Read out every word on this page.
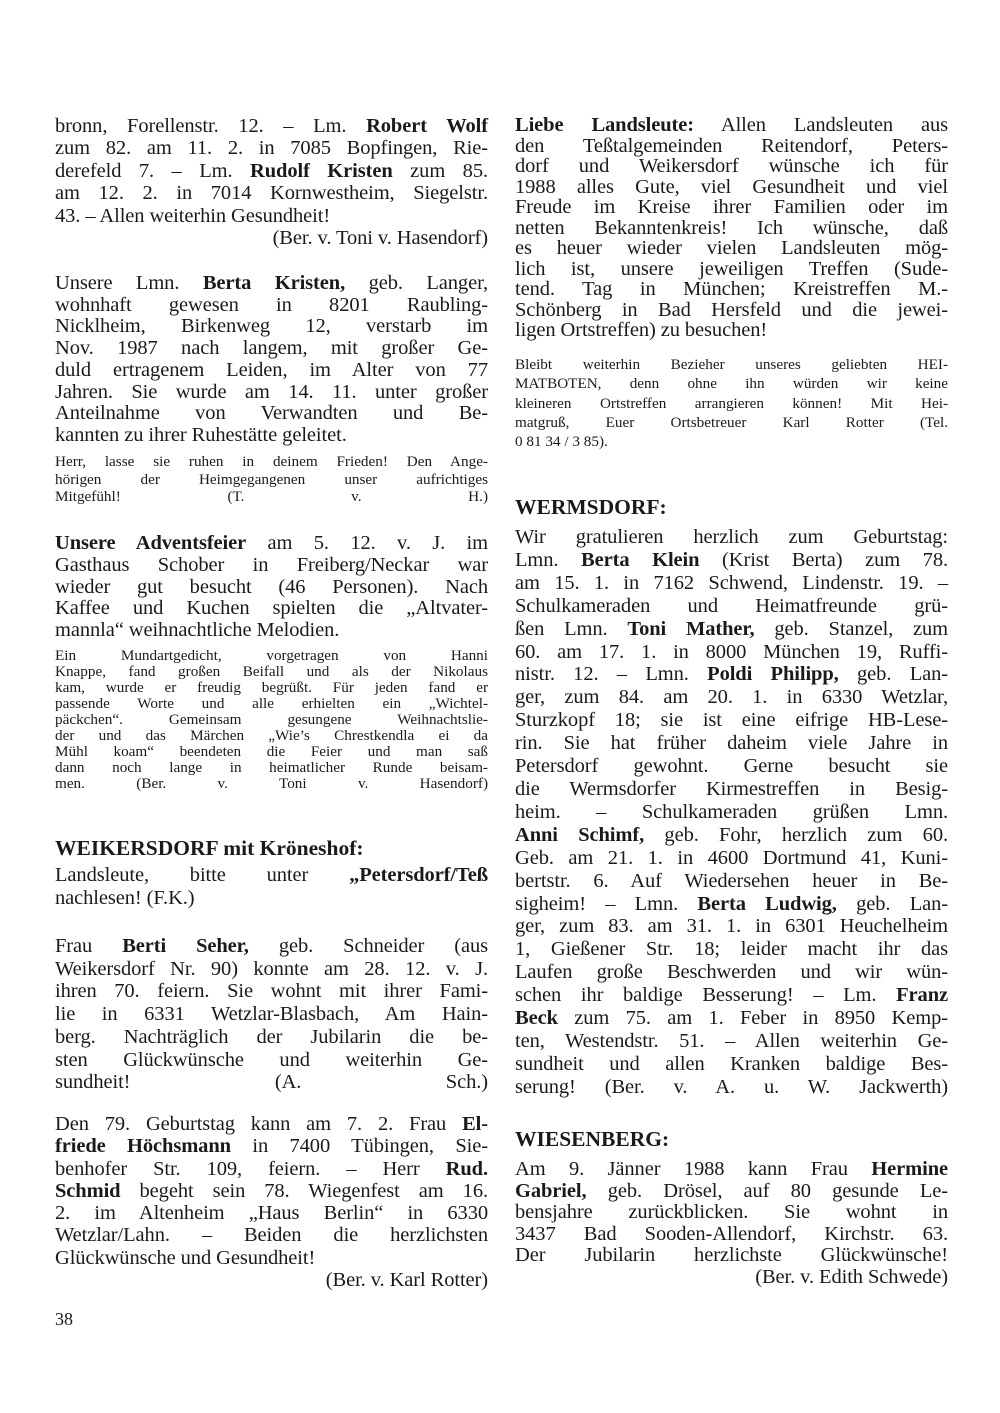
bronn, Forellenstr. 12. – Lm. Robert Wolf
zum 82. am 11. 2. in 7085 Bopfingen, Rie-
derefeld 7. – Lm. Rudolf Kristen zum 85.
am 12. 2. in 7014 Kornwestheim, Siegelstr.
43. – Allen weiterhin Gesundheit!
(Ber. v. Toni v. Hasendorf)
Unsere Lmn. Berta Kristen, geb. Langer,
wohnhaft gewesen in 8201 Raubling-
Nicklheim, Birkenweg 12, verstarb im
Nov. 1987 nach langem, mit großer Ge-
duld ertragenem Leiden, im Alter von 77
Jahren. Sie wurde am 14. 11. unter großer
Anteilnahme von Verwandten und Be-
kannten zu ihrer Ruhestätte geleitet.
Herr, lasse sie ruhen in deinem Frieden! Den Ange-
hörigen der Heimgegangenen unser aufrichtiges
Mitgefühl! (T. v. H.)
Unsere Adventsfeier am 5. 12. v. J. im
Gasthaus Schober in Freiberg/Neckar war
wieder gut besucht (46 Personen). Nach
Kaffee und Kuchen spielten die „Altvater-
mannla“ weihnachtliche Melodien.
Ein Mundartgedicht, vorgetragen von Hanni
Knappe, fand großen Beifall und als der Nikolaus
kam, wurde er freudig begrüßt. Für jeden fand er
passende Worte und alle erhielten ein „Wichtel-
päckchen“. Gemeinsam gesungene Weihnachtslie-
der und das Märchen „Wie’s Chrestkendla ei da
Mühl koam“ beendeten die Feier und man saß
dann noch lange in heimatlicher Runde beisam-
men. (Ber. v. Toni v. Hasendorf)
WEIKERSDORF mit Kröneshof:
Landsleute, bitte unter „Petersdorf/Teß
nachlesen! (F.K.)
Frau Berti Seher, geb. Schneider (aus
Weikersdorf Nr. 90) konnte am 28. 12. v. J.
ihren 70. feiern. Sie wohnt mit ihrer Fami-
lie in 6331 Wetzlar-Blasbach, Am Hain-
berg. Nachträglich der Jubilarin die be-
sten Glückwünsche und weiterhin Ge-
sundheit! (A. Sch.)
Den 79. Geburtstag kann am 7. 2. Frau El-
friede Höchsmann in 7400 Tübingen, Sie-
benhofer Str. 109, feiern. – Herr Rud.
Schmid begeht sein 78. Wiegenfest am 16.
2. im Altenheim „Haus Berlin“ in 6330
Wetzlar/Lahn. – Beiden die herzlichsten
Glückwünsche und Gesundheit!
(Ber. v. Karl Rotter)
Liebe Landsleute: Allen Landsleuten aus
den Teßtalgemeinden Reitendorf, Peters-
dorf und Weikersdorf wünsche ich für
1988 alles Gute, viel Gesundheit und viel
Freude im Kreise ihrer Familien oder im
netten Bekanntenkreis! Ich wünsche, daß
es heuer wieder vielen Landsleuten mög-
lich ist, unsere jeweiligen Treffen (Sude-
tend. Tag in München; Kreistreffen M.-
Schönberg in Bad Hersfeld und die jewei-
ligen Ortstreffen) zu besuchen!
Bleibt weiterhin Bezieher unseres geliebten HEI-
MATBOTEN, denn ohne ihn würden wir keine
kleineren Ortstreffen arrangieren können! Mit Hei-
matgruß, Euer Ortsbetreuer Karl Rotter (Tel.
0 81 34 / 3 85).
WERMSDORF:
Wir gratulieren herzlich zum Geburtstag:
Lmn. Berta Klein (Krist Berta) zum 78.
am 15. 1. in 7162 Schwend, Lindenstr. 19. –
Schulkameraden und Heimatfreunde grü-
ßen Lmn. Toni Mather, geb. Stanzel, zum
60. am 17. 1. in 8000 München 19, Ruffi-
nistr. 12. – Lmn. Poldi Philipp, geb. Lan-
ger, zum 84. am 20. 1. in 6330 Wetzlar,
Sturzkopf 18; sie ist eine eifrige HB-Lese-
rin. Sie hat früher daheim viele Jahre in
Petersdorf gewohnt. Gerne besucht sie
die Wermsdorfer Kirmestreffen in Besig-
heim. – Schulkameraden grüßen Lmn.
Anni Schimf, geb. Fohr, herzlich zum 60.
Geb. am 21. 1. in 4600 Dortmund 41, Kuni-
bertstr. 6. Auf Wiedersehen heuer in Be-
sigheim! – Lmn. Berta Ludwig, geb. Lan-
ger, zum 83. am 31. 1. in 6301 Heuchelheim
1, Gießener Str. 18; leider macht ihr das
Laufen große Beschwerden und wir wün-
schen ihr baldige Besserung! – Lm. Franz
Beck zum 75. am 1. Feber in 8950 Kemp-
ten, Westendstr. 51. – Allen weiterhin Ge-
sundheit und allen Kranken baldige Bes-
serung! (Ber. v. A. u. W. Jackwerth)
WIESENBERG:
Am 9. Jänner 1988 kann Frau Hermine
Gabriel, geb. Drösel, auf 80 gesunde Le-
bensjahre zurückblicken. Sie wohnt in
3437 Bad Sooden-Allendorf, Kirchstr. 63.
Der Jubilarin herzlichste Glückwünsche!
(Ber. v. Edith Schwede)
38
